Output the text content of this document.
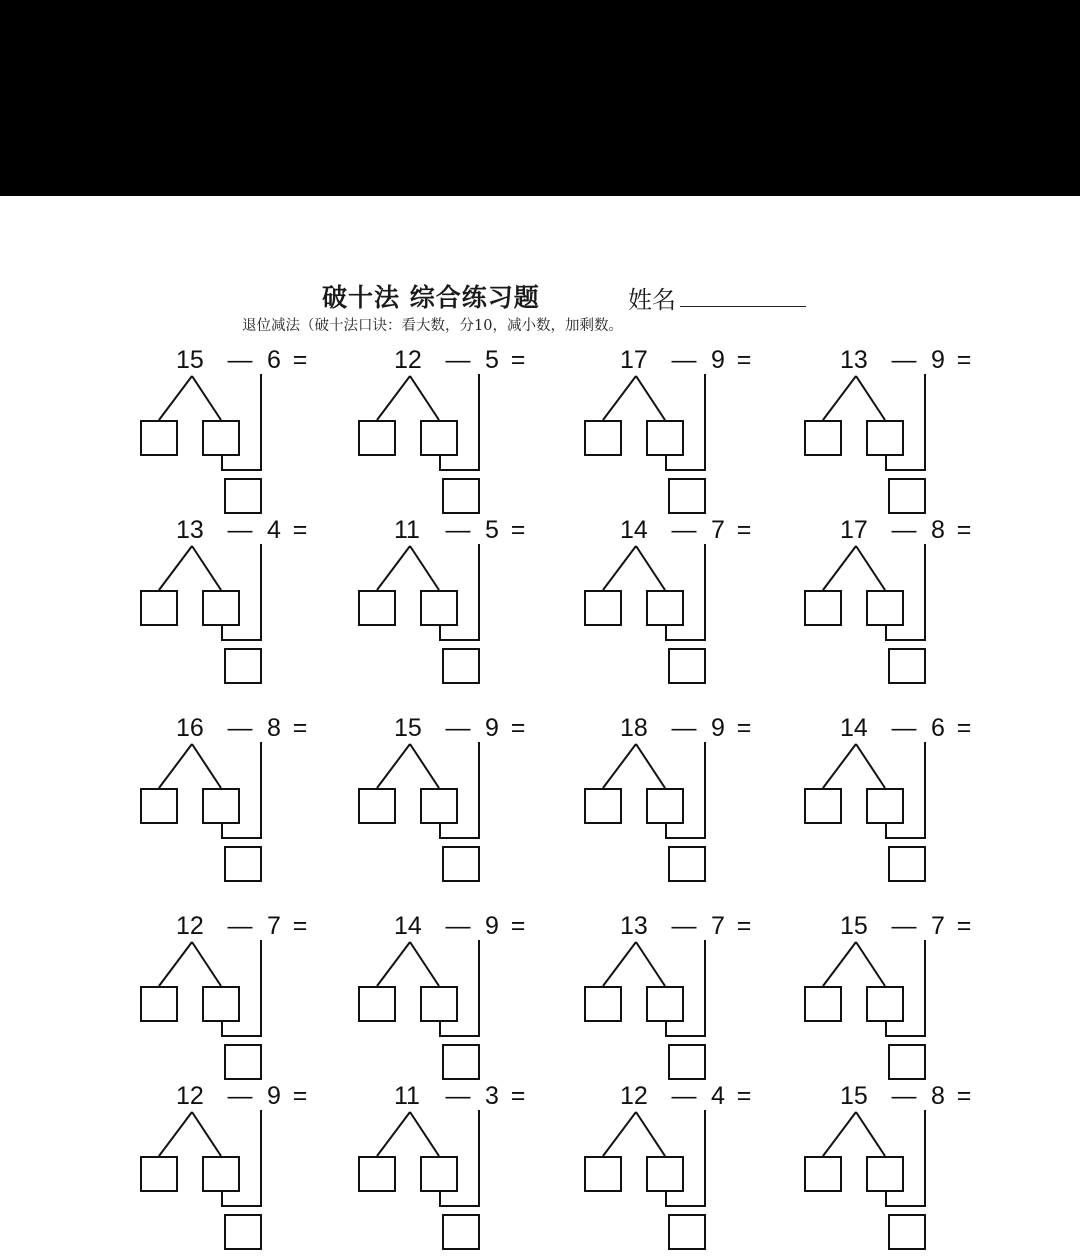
破十法 综合练习题	姓名
退位减法（破十法口诀：看大数，分10，减小数，加剩数。
15 — 6 =	12 — 5 =	17 — 9 =	13 — 9 =
13 — 4 =	11 — 5 =	14 — 7 =	17 — 8 =
16 — 8 =	15 — 9 =	18 — 9 =	14 — 6 =
12 — 7 =	14 — 9 =	13 — 7 =	15 — 7 =
12 — 9 =	11 — 3 =	12 — 4 =	15 — 8 =
